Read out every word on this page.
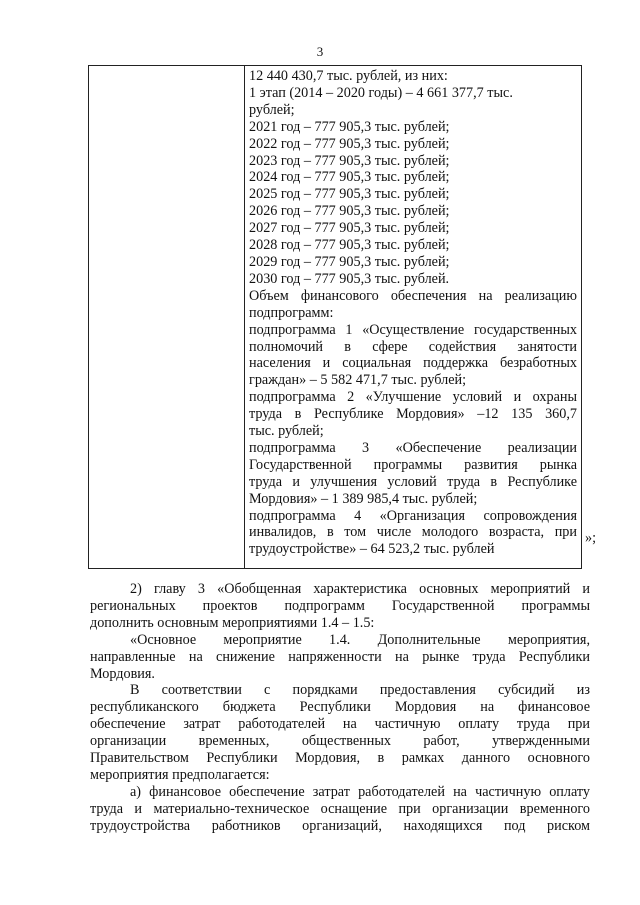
3
12 440 430,7 тыс. рублей, из них:
1 этап (2014 – 2020 годы) – 4 661 377,7 тыс.
рублей;
2021 год – 777 905,3 тыс. рублей;
2022 год – 777 905,3 тыс. рублей;
2023 год – 777 905,3 тыс. рублей;
2024 год – 777 905,3 тыс. рублей;
2025 год – 777 905,3 тыс. рублей;
2026 год – 777 905,3 тыс. рублей;
2027 год – 777 905,3 тыс. рублей;
2028 год – 777 905,3 тыс. рублей;
2029 год – 777 905,3 тыс. рублей;
2030 год – 777 905,3 тыс. рублей.
Объем финансового обеспечения на реализацию
подпрограмм:
подпрограмма 1 «Осуществление государственных
полномочий в сфере содействия занятости
населения и социальная поддержка безработных
граждан» – 5 582 471,7 тыс. рублей;
подпрограмма 2 «Улучшение условий и охраны
труда в Республике Мордовия» –12 135 360,7
тыс. рублей;
подпрограмма 3 «Обеспечение реализации
Государственной программы развития рынка
труда и улучшения условий труда в Республике
Мордовия» – 1 389 985,4 тыс. рублей;
подпрограмма 4 «Организация сопровождения
инвалидов, в том числе молодого возраста, при
трудоустройстве» – 64 523,2 тыс. рублей
»;
2) главу 3 «Обобщенная характеристика основных мероприятий и
региональных проектов подпрограмм Государственной программы
дополнить основным мероприятиями 1.4 – 1.5:
«Основное мероприятие 1.4. Дополнительные мероприятия,
направленные на снижение напряженности на рынке труда Республики
Мордовия.
В соответствии с порядками предоставления субсидий из
республиканского бюджета Республики Мордовия на финансовое
обеспечение затрат работодателей на частичную оплату труда при
организации временных, общественных работ, утвержденными
Правительством Республики Мордовия, в рамках данного основного
мероприятия предполагается:
а) финансовое обеспечение затрат работодателей на частичную оплату
труда и материально-техническое оснащение при организации временного
трудоустройства работников организаций, находящихся под риском
